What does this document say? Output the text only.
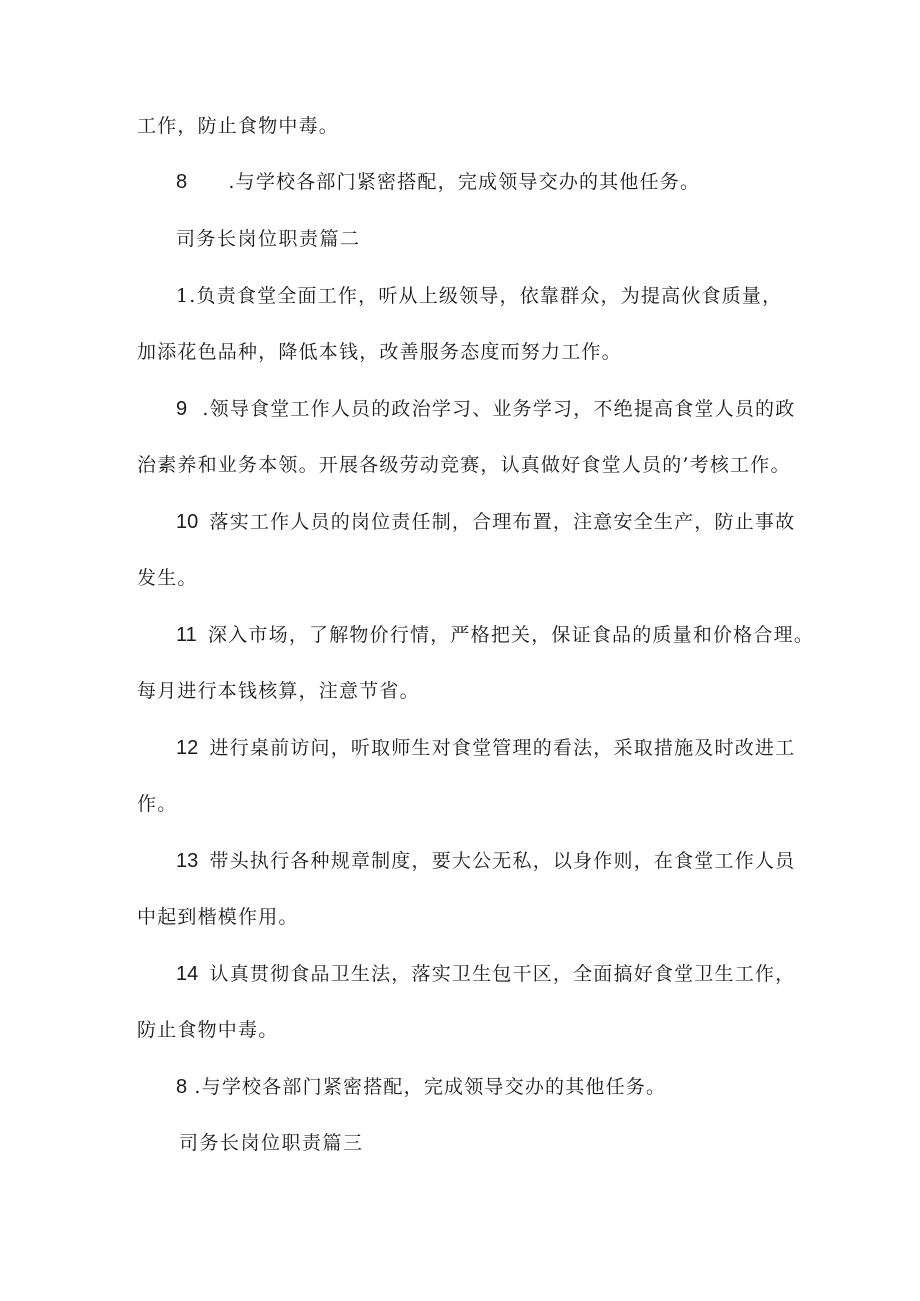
工作，防止食物中毒。
8 .与学校各部门紧密搭配，完成领导交办的其他任务。
司务长岗位职责篇二
1.负责食堂全面工作，听从上级领导，依靠群众，为提高伙食质量，
加添花色品种，降低本钱，改善服务态度而努力工作。
9 .领导食堂工作人员的政治学习、业务学习，不绝提高食堂人员的政
治素养和业务本领。开展各级劳动竞赛，认真做好食堂人员的’考核工作。
10 落实工作人员的岗位责任制，合理布置，注意安全生产，防止事故
发生。
11 深入市场，了解物价行情，严格把关，保证食品的质量和价格合理。
每月进行本钱核算，注意节省。
12 进行桌前访问，听取师生对食堂管理的看法，采取措施及时改进工
作。
13 带头执行各种规章制度，要大公无私，以身作则，在食堂工作人员
中起到楷模作用。
14 认真贯彻食品卫生法，落实卫生包干区，全面搞好食堂卫生工作，
防止食物中毒。
8 .与学校各部门紧密搭配，完成领导交办的其他任务。
司务长岗位职责篇三
